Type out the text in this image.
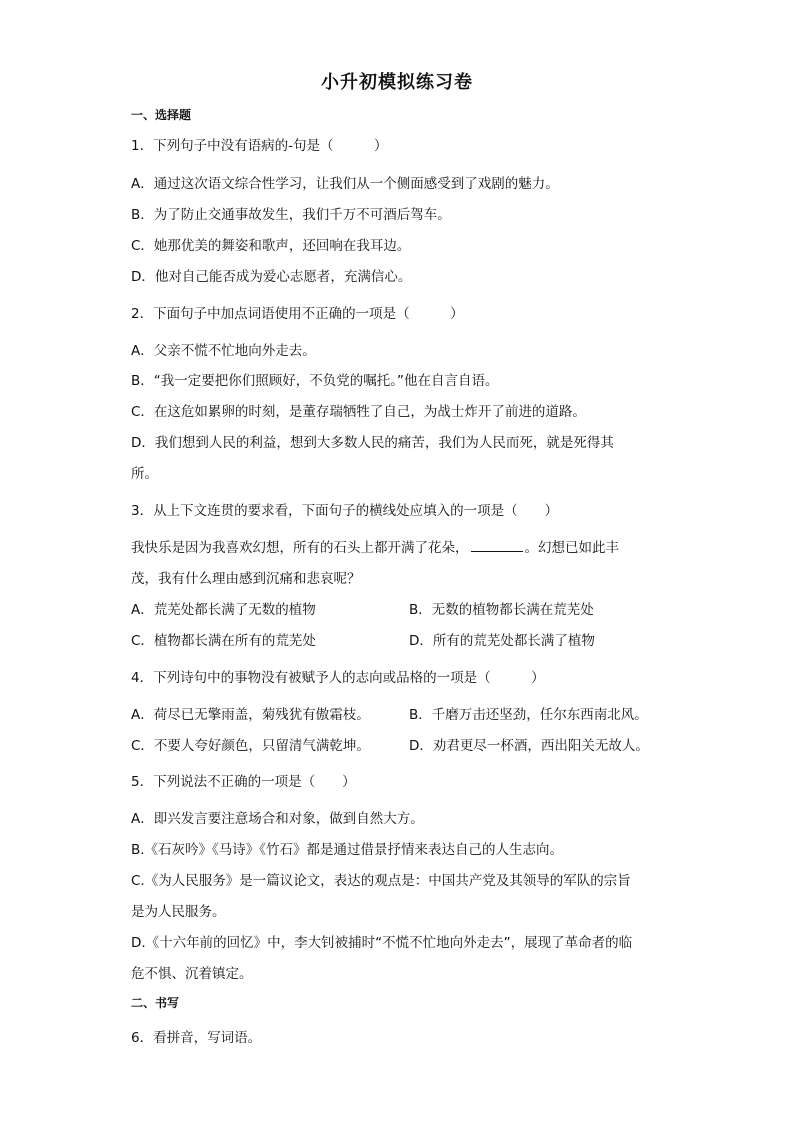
小升初模拟练习卷
一、选择题
1．下列句子中没有语病的-句是（　　　）
A．通过这次语文综合性学习，让我们从一个侧面感受到了戏剧的魅力。
B．为了防止交通事故发生，我们千万不可酒后驾车。
C．她那优美的舞姿和歌声，还回响在我耳边。
D．他对自己能否成为爱心志愿者，充满信心。
2．下面句子中加点词语使用不正确的一项是（　　　）
A．父亲不慌不忙地向外走去。
B．“我一定要把你们照顾好，不负党的嘱托。”他在自言自语。
C．在这危如累卵的时刻，是董存瑞牺牲了自己，为战士炸开了前进的道路。
D．我们想到人民的利益，想到大多数人民的痛苦，我们为人民而死，就是死得其
所。
3．从上下文连贯的要求看，下面句子的横线处应填入的一项是（　　）
我快乐是因为我喜欢幻想，所有的石头上都开满了花朵，	。幻想已如此丰
茂，我有什么理由感到沉痛和悲哀呢？
A．荒芜处都长满了无数的植物	B．无数的植物都长满在荒芜处
C．植物都长满在所有的荒芜处	D．所有的荒芜处都长满了植物
4．下列诗句中的事物没有被赋予人的志向或品格的一项是（　　　）
A．荷尽已无擎雨盖，菊残犹有傲霜枝。	B．千磨万击还坚劲，任尔东西南北风。
C．不要人夸好颜色，只留清气满乾坤。	D．劝君更尽一杯酒，西出阳关无故人。
5．下列说法不正确的一项是（　　）
A．即兴发言要注意场合和对象，做到自然大方。
B.《石灰吟》《马诗》《竹石》都是通过借景抒情来表达自己的人生志向。
C.《为人民服务》是一篇议论文，表达的观点是：中国共产党及其领导的军队的宗旨
是为人民服务。
D.《十六年前的回忆》中，李大钊被捕时“不慌不忙地向外走去”，展现了革命者的临
危不惧、沉着镇定。
二、书写
6．看拼音，写词语。
